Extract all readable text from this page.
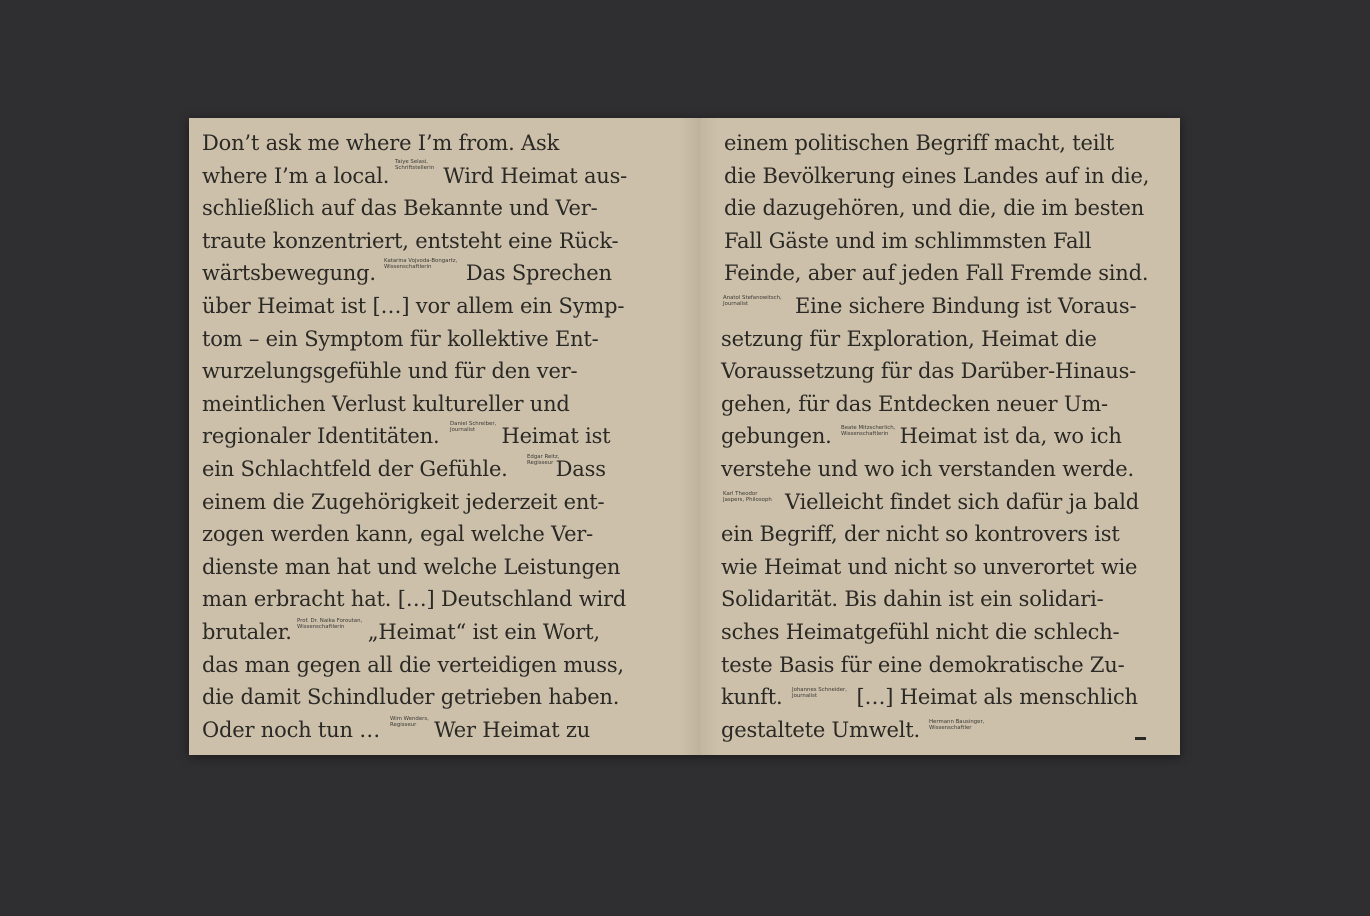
Don’t ask me where I’m from. Ask
where I’m a local.	Wird Heimat aus-
schließlich auf das Bekannte und Ver-
traute konzentriert, entsteht eine Rück-
wärtsbewegung.	Das Sprechen
über Heimat ist […] vor allem ein Symp-
tom – ein Symptom für kollektive Ent-
wurzelungsgefühle und für den ver-
meintlichen Verlust kultureller und
regionaler Identitäten.	Heimat ist
ein Schlachtfeld der Gefühle. Dass
einem die Zugehörigkeit jederzeit ent-
zogen werden kann, egal welche Ver-
dienste man hat und welche Leistungen
man erbracht hat. […] Deutschland wird
brutaler.	„Heimat“ ist ein Wort,
das man gegen all die verteidigen muss,
die damit Schindluder getrieben haben.
Oder noch tun …	Wer Heimat zu
Taiye Selasi,
Schriftstellerin
Katarina Vojvoda-Bongartz,
Wissenschaftlerin
Daniel Schreiber,
Journalist
Edgar Reitz,
Regisseur
Prof. Dr. Naika Foroutan,
Wissenschaftlerin
Wim Wenders,
Regisseur
einem politischen Begriff macht, teilt
die Bevölkerung eines Landes auf in die,
die dazugehören, und die, die im besten
Fall Gäste und im schlimmsten Fall
Feinde, aber auf jeden Fall Fremde sind.
Eine sichere Bindung ist Voraus-
setzung für Exploration, Heimat die
Voraussetzung für das Darüber-Hinaus-
gehen, für das Entdecken neuer Um-
gebungen.	Heimat ist da, wo ich
verstehe und wo ich verstanden werde.
Vielleicht findet sich dafür ja bald
ein Begriff, der nicht so kontrovers ist
wie Heimat und nicht so unverortet wie
Solidarität. Bis dahin ist ein solidari-
sches Heimatgefühl nicht die schlech-
teste Basis für eine demokratische Zu-
kunft.	[…] Heimat als menschlich
gestaltete Umwelt.
Anatol Stefanowitsch,
Journalist
Beate Mitzscherlich,
Wissenschaftlerin
Karl Theodor
Jaspers, Philosoph
Johannes Schneider,
Journalist
Hermann Bausinger,
Wissenschaftler
